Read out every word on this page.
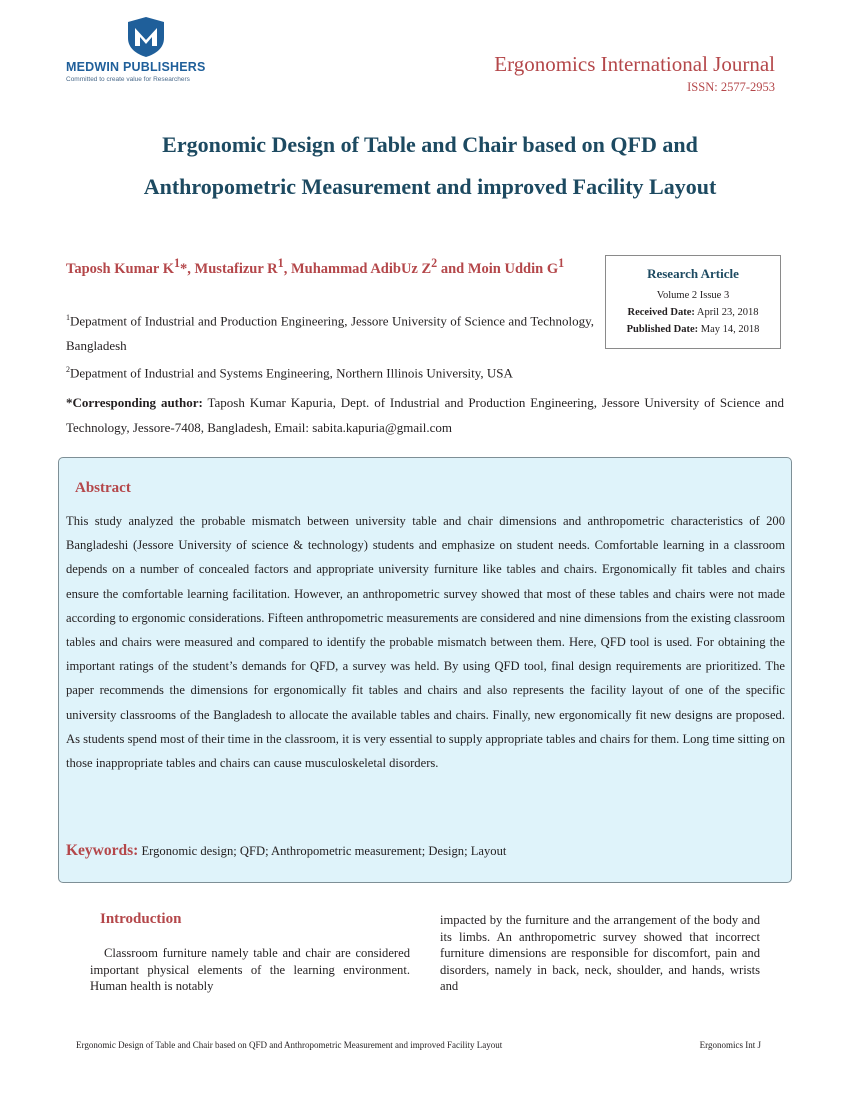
MEDWIN PUBLISHERS
Committed to create value for Researchers
Ergonomics International Journal
ISSN: 2577-2953
Ergonomic Design of Table and Chair based on QFD and
Anthropometric Measurement and improved Facility Layout
Taposh Kumar $K^1*$, Mustafizur $R^1$, Muhammad AdibUz $Z^2$ and Moin Uddin $G^1$
$^1$Depatment of Industrial and Production Engineering, Jessore University of Science and Technology, Bangladesh
$^2$Depatment of Industrial and Systems Engineering, Northern Illinois University, USA
Research Article
Volume 2 Issue 3
Received Date: April 23, 2018
Published Date: May 14, 2018
*Corresponding author: Taposh Kumar Kapuria, Dept. of Industrial and Production Engineering, Jessore University of Science and Technology, Jessore-7408, Bangladesh, Email: sabita.kapuria@gmail.com
Abstract
This study analyzed the probable mismatch between university table and chair dimensions and anthropometric characteristics of 200 Bangladeshi (Jessore University of science & technology) students and emphasize on student needs. Comfortable learning in a classroom depends on a number of concealed factors and appropriate university furniture like tables and chairs. Ergonomically fit tables and chairs ensure the comfortable learning facilitation. However, an anthropometric survey showed that most of these tables and chairs were not made according to ergonomic considerations. Fifteen anthropometric measurements are considered and nine dimensions from the existing classroom tables and chairs were measured and compared to identify the probable mismatch between them. Here, QFD tool is used. For obtaining the important ratings of the student’s demands for QFD, a survey was held. By using QFD tool, final design requirements are prioritized. The paper recommends the dimensions for ergonomically fit tables and chairs and also represents the facility layout of one of the specific university classrooms of the Bangladesh to allocate the available tables and chairs. Finally, new ergonomically fit new designs are proposed. As students spend most of their time in the classroom, it is very essential to supply appropriate tables and chairs for them. Long time sitting on those inappropriate tables and chairs can cause musculoskeletal disorders.
Keywords: Ergonomic design; QFD; Anthropometric measurement; Design; Layout
Introduction
Classroom furniture namely table and chair are considered important physical elements of the learning environment. Human health is notably
impacted by the furniture and the arrangement of the body and its limbs. An anthropometric survey showed that incorrect furniture dimensions are responsible for discomfort, pain and disorders, namely in back, neck, shoulder, and hands, wrists and
Ergonomic Design of Table and Chair based on QFD and Anthropometric Measurement and improved Facility Layout	Ergonomics Int J
